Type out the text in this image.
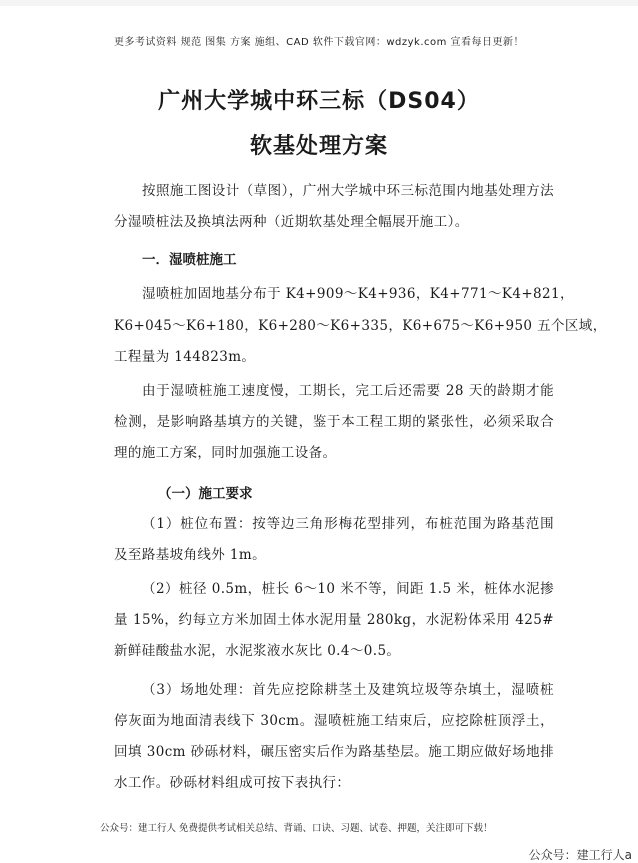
更多考试资料 规范 图集 方案 施组、CAD 软件下载官网：wdzyk.com 宣看每日更新！
广州大学城中环三标（DS04）
软基处理方案
按照施工图设计（草图），广州大学城中环三标范围内地基处理方法分湿喷桩法及换填法两种（近期软基处理全幅展开施工）。
一．湿喷桩施工
湿喷桩加固地基分布于 K4+909～K4+936，K4+771～K4+821，
K6+045～K6+180，K6+280～K6+335，K6+675～K6+950 五个区域，
工程量为 144823m。
由于湿喷桩施工速度慢，工期长，完工后还需要 28 天的龄期才能检测，是影响路基填方的关键，鉴于本工程工期的紧张性，必须采取合理的施工方案，同时加强施工设备。
（一）施工要求
（1）桩位布置：按等边三角形梅花型排列，布桩范围为路基范围及至路基坡角线外 1m。
（2）桩径 0.5m，桩长 6～10 米不等，间距 1.5 米，桩体水泥掺量 15%，约每立方米加固土体水泥用量 280kg，水泥粉体采用 425#新鲜硅酸盐水泥，水泥浆液水灰比 0.4～0.5。
（3）场地处理：首先应挖除耕茎土及建筑垃圾等杂填土，湿喷桩停灰面为地面清表线下 30cm。湿喷桩施工结束后，应挖除桩顶浮土，回填 30cm 砂砾材料，碾压密实后作为路基垫层。施工期应做好场地排水工作。砂砾材料组成可按下表执行：
公众号：建工行人 免费提供考试相关总结、背诵、口诀、习题、试卷、押题，关注即可下载！
公众号：建工行人a
